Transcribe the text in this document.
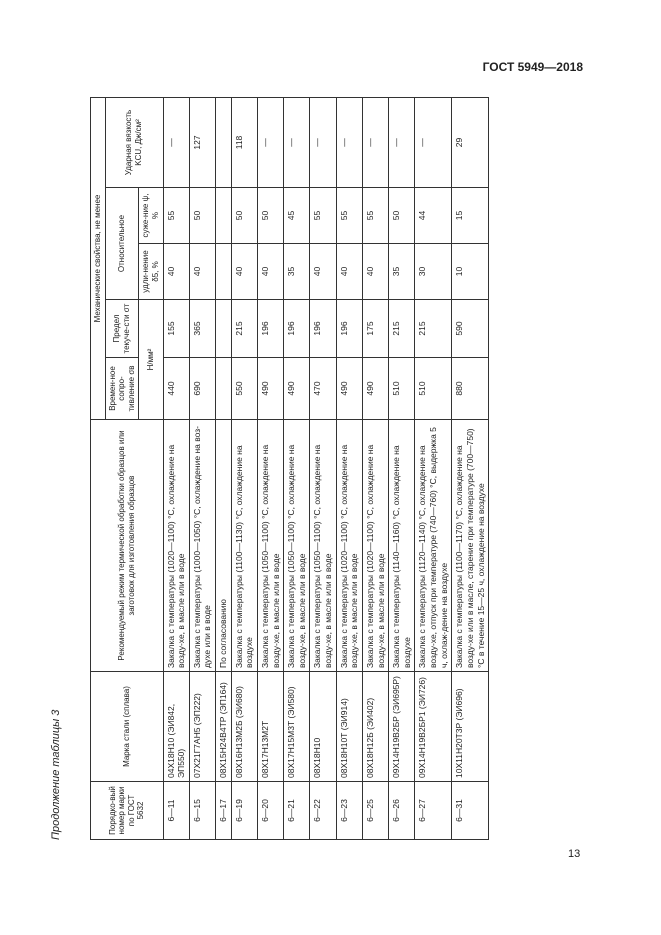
ГОСТ 5949—2018
Продолжение таблицы 3	Порядко-вый номер марки по ГОСТ 5632	Марка стали (сплава)	Рекомендуемый режим термической обработки образцов или заготовок для изготовления образцов	Механические свойства, не менее				
			Времен-ное сопро-тивление σв	Предел текуче-сти σт	Относительное		Ударная вязкость KCU, Дж/см²
			Н/мм²		удли-нение δ5, %	суже-ние ψ, %	
6—11	04Х18Н10 (ЭИ842, ЭП550)	Закалка с температуры (1020—1100) °С, охлаждение на возду-хе, в масле или в воде	440	155	40	55	—
6—15	07Х21Г7АН5 (ЭП222)	Закалка с температуры (1000—1050) °С, охлаждение на воз-духе или в воде	690	365	40	50	127
6—17	08Х15Н24В4ТР (ЭП164)	По согласованию					
6—19	08Х16Н13М2Б (ЭИ680)	Закалка с температуры (1100—1130) °С, охлаждение на воздухе	550	215	40	50	118
6—20	08Х17Н13М2Т	Закалка с температуры (1050—1100) °С, охлаждение на возду-хе, в масле или в воде	490	196	40	50	—
6—21	08Х17Н15М3Т (ЭИ580)	Закалка с температуры (1050—1100) °С, охлаждение на возду-хе, в масле или в воде	490	196	35	45	—
6—22	08Х18Н10	Закалка с температуры (1050—1100) °С, охлаждение на возду-хе, в масле или в воде	470	196	40	55	—
6—23	08Х18Н10Т (ЭИ914)	Закалка с температуры (1020—1100) °С, охлаждение на возду-хе, в масле или в воде	490	196	40	55	—
6—25	08Х18Н12Б (ЭИ402)	Закалка с температуры (1020—1100) °С, охлаждение на возду-хе, в масле или в воде	490	175	40	55	—
6—26	09Х14Н19В2БР (ЭИ695Р)	Закалка с температуры (1140—1160) °С, охлаждение на воздухе	510	215	35	50	—
6—27	09Х14Н19В2БР1 (ЭИ726)	Закалка с температуры (1120—1140) °С, охлаждение на возду-хе, отпуск при температуре (740—760) °С, выдержка 5 ч, охлаж-дение на воздухе	510	215	30	44	—
6—31	10Х11Н20Т3Р (ЭИ696)	Закалка с температуры (1100—1170) °С, охлаждение на возду-хе или в масле, старение при температуре (700—750) °С в течение 15—25 ч, охлаждение на воздухе	880	590	10	15	29
13
